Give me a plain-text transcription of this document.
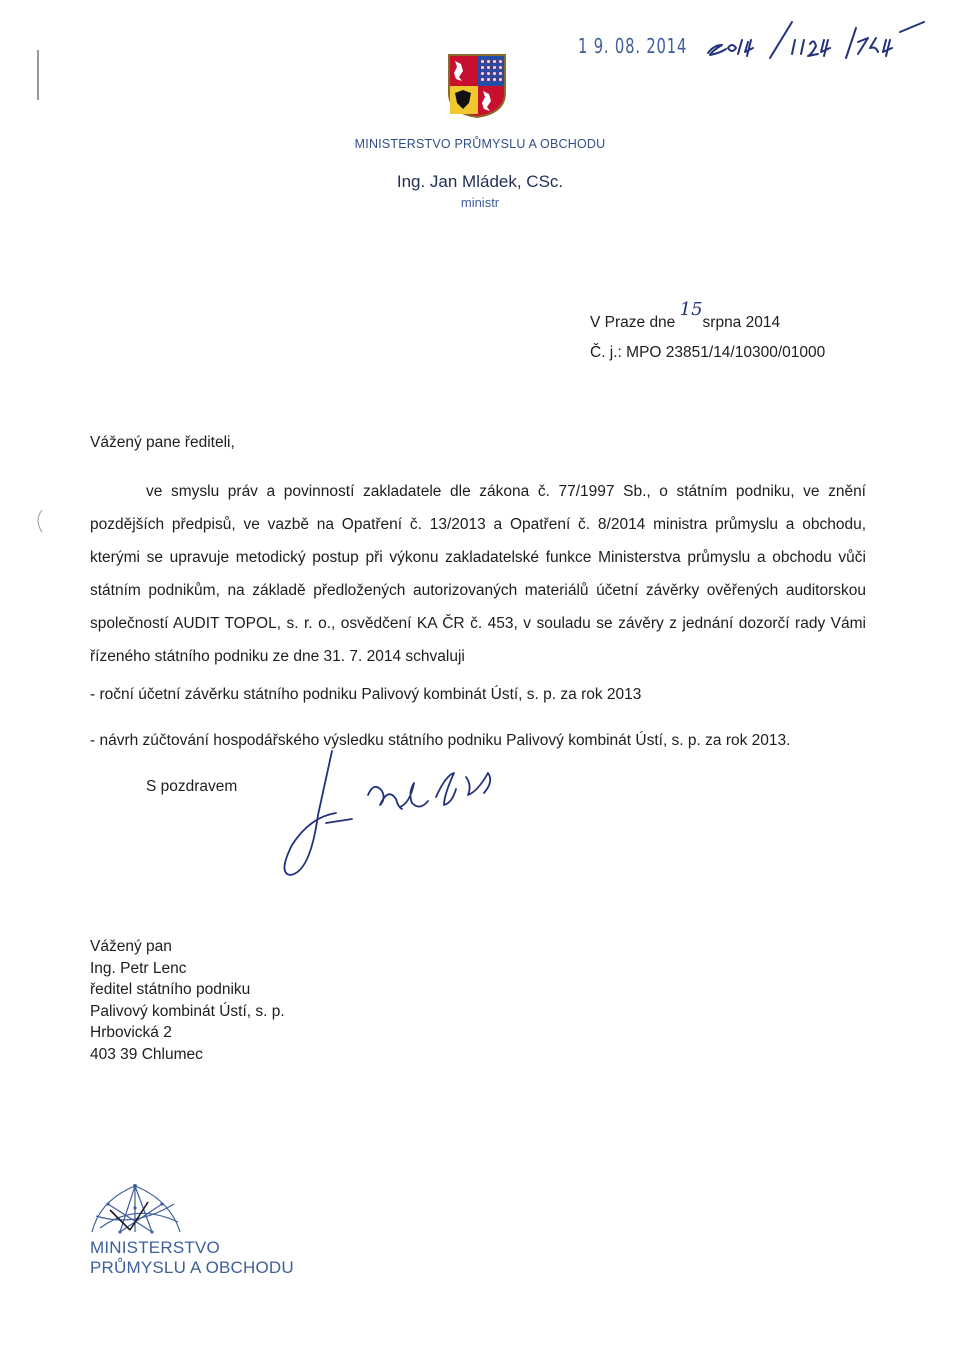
1 9. 08. 2014
MINISTERSTVO PRŮMYSLU A OBCHODU
Ing. Jan Mládek, CSc.
ministr
V Praze dne 15srpna 2014
Č. j.: MPO 23851/14/10300/01000
Vážený pane řediteli,
ve smyslu práv a povinností zakladatele dle zákona č. 77/1997 Sb., o státním podniku, ve znění pozdějších předpisů, ve vazbě na Opatření č. 13/2013 a Opatření č. 8/2014 ministra průmyslu a obchodu, kterými se upravuje metodický postup při výkonu zakladatelské funkce Ministerstva průmyslu a obchodu vůči státním podnikům, na základě předložených autorizovaných materiálů účetní závěrky ověřených auditorskou společností AUDIT TOPOL, s. r. o., osvědčení KA ČR č. 453, v souladu se závěry z jednání dozorčí rady Vámi řízeného státního podniku ze dne 31. 7. 2014 schvaluji
- roční účetní závěrku státního podniku Palivový kombinát Ústí, s. p. za rok 2013
- návrh zúčtování hospodářského výsledku státního podniku Palivový kombinát Ústí, s. p. za rok 2013.
S pozdravem
Vážený pan
Ing. Petr Lenc
ředitel státního podniku
Palivový kombinát Ústí, s. p.
Hrbovická 2
403 39 Chlumec
MINISTERSTVO
PRŮMYSLU A OBCHODU
